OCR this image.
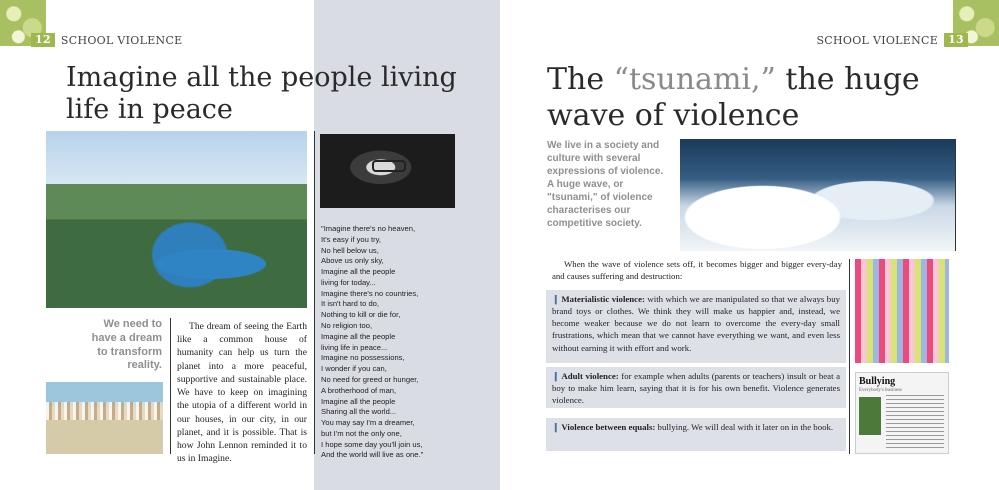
12 SCHOOL VIOLENCE
Imagine all the people living life in peace
We need to have a dream to transform reality.

The dream of seeing the Earth like a common house of humanity can help us turn the planet into a more peaceful, supportive and sustainable place. We have to keep on imagining the utopia of a different world in our houses, in our city, in our planet, and it is possible. That is how John Lennon reminded it to us in Imagine.

"Imagine there's no heaven,
It's easy if you try,
No hell below us,
Above us only sky,
Imagine all the people
living for today...
Imagine there's no countries,
It isn't hard to do,
Nothing to kill or die for,
No religion too,
Imagine all the people
living life in peace...
Imagine no possessions,
I wonder if you can,
No need for greed or hunger,
A brotherhood of man,
Imagine all the people
Sharing all the world...
You may say I'm a dreamer,
but I'm not the only one,
I hope some day you'll join us,
And the world will live as one."
SCHOOL VIOLENCE 13
The “tsunami,” the huge wave of violence
We live in a society and culture with several expressions of violence. A huge wave, or "tsunami," of violence characterises our competitive society.

When the wave of violence sets off, it becomes bigger and bigger every-day and causes suffering and destruction:

❙ Materialistic violence: with which we are manipulated so that we always buy brand toys or clothes. We think they will make us happier and, instead, we become weaker because we do not learn to overcome the every-day small frustrations, which mean that we cannot have everything we want, and even less without earning it with effort and work.
❙ Adult violence: for example when adults (parents or teachers) insult or beat a boy to make him learn, saying that it is for his own benefit. Violence generates violence.
❙ Violence between equals: bullying. We will deal with it later on in the book.
Bullying
Everybody's business
